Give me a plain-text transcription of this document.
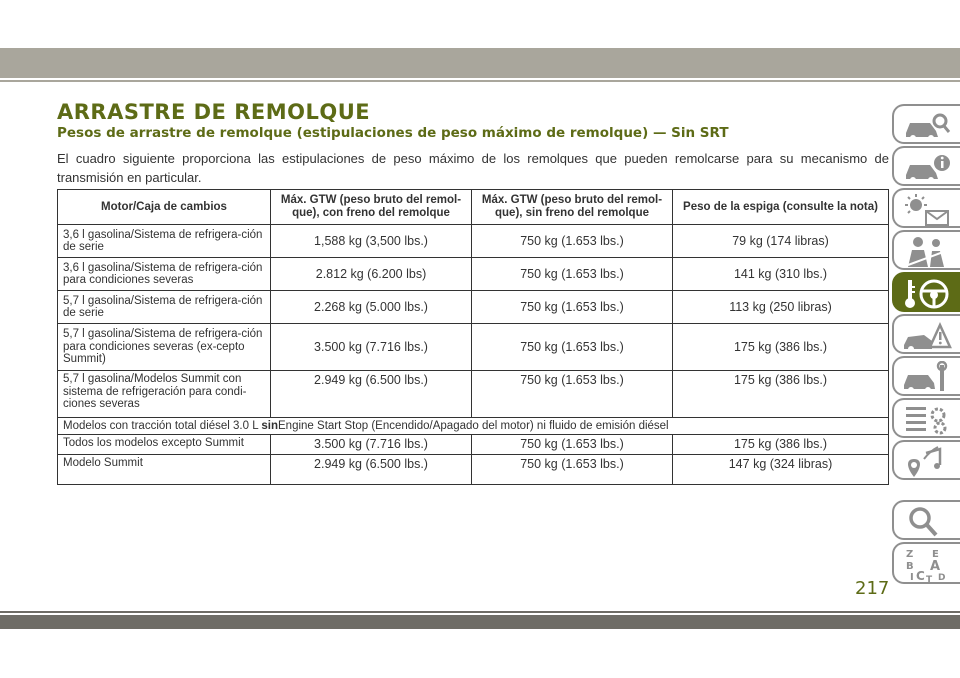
ARRASTRE DE REMOLQUE
Pesos de arrastre de remolque (estipulaciones de peso máximo de remolque) — Sin SRT

El cuadro siguiente proporciona las estipulaciones de peso máximo de los remolques que pueden remolcarse para su mecanismo de transmisión en particular.

Motor/Caja de cambios	Máx. GTW (peso bruto del remol-que), con freno del remolque	Máx. GTW (peso bruto del remol-que), sin freno del remolque	Peso de la espiga (consulte la nota)
3,6 l gasolina/Sistema de refrigera-ción de serie	1,588 kg (3,500 lbs.)	750 kg (1.653 lbs.)	79 kg (174 libras)
3,6 l gasolina/Sistema de refrigera-ción para condiciones severas	2.812 kg (6.200 lbs)	750 kg (1.653 lbs.)	141 kg (310 lbs.)
5,7 l gasolina/Sistema de refrigera-ción de serie	2.268 kg (5.000 lbs.)	750 kg (1.653 lbs.)	113 kg (250 libras)
5,7 l gasolina/Sistema de refrigera-ción para condiciones severas (ex-cepto Summit)	3.500 kg (7.716 lbs.)	750 kg (1.653 lbs.)	175 kg (386 lbs.)
5,7 l gasolina/Modelos Summit con sistema de refrigeración para condi-ciones severas	2.949 kg (6.500 lbs.)	750 kg (1.653 lbs.)	175 kg (386 lbs.)
Modelos con tracción total diésel 3.0 L sinEngine Start Stop (Encendido/Apagado del motor) ni fluido de emisión diésel			
Todos los modelos excepto Summit	3.500 kg (7.716 lbs.)	750 kg (1.653 lbs.)	175 kg (386 lbs.)
Modelo Summit	2.949 kg (6.500 lbs.)	750 kg (1.653 lbs.)	147 kg (324 libras)
Z E
B A
I C D
T
217
